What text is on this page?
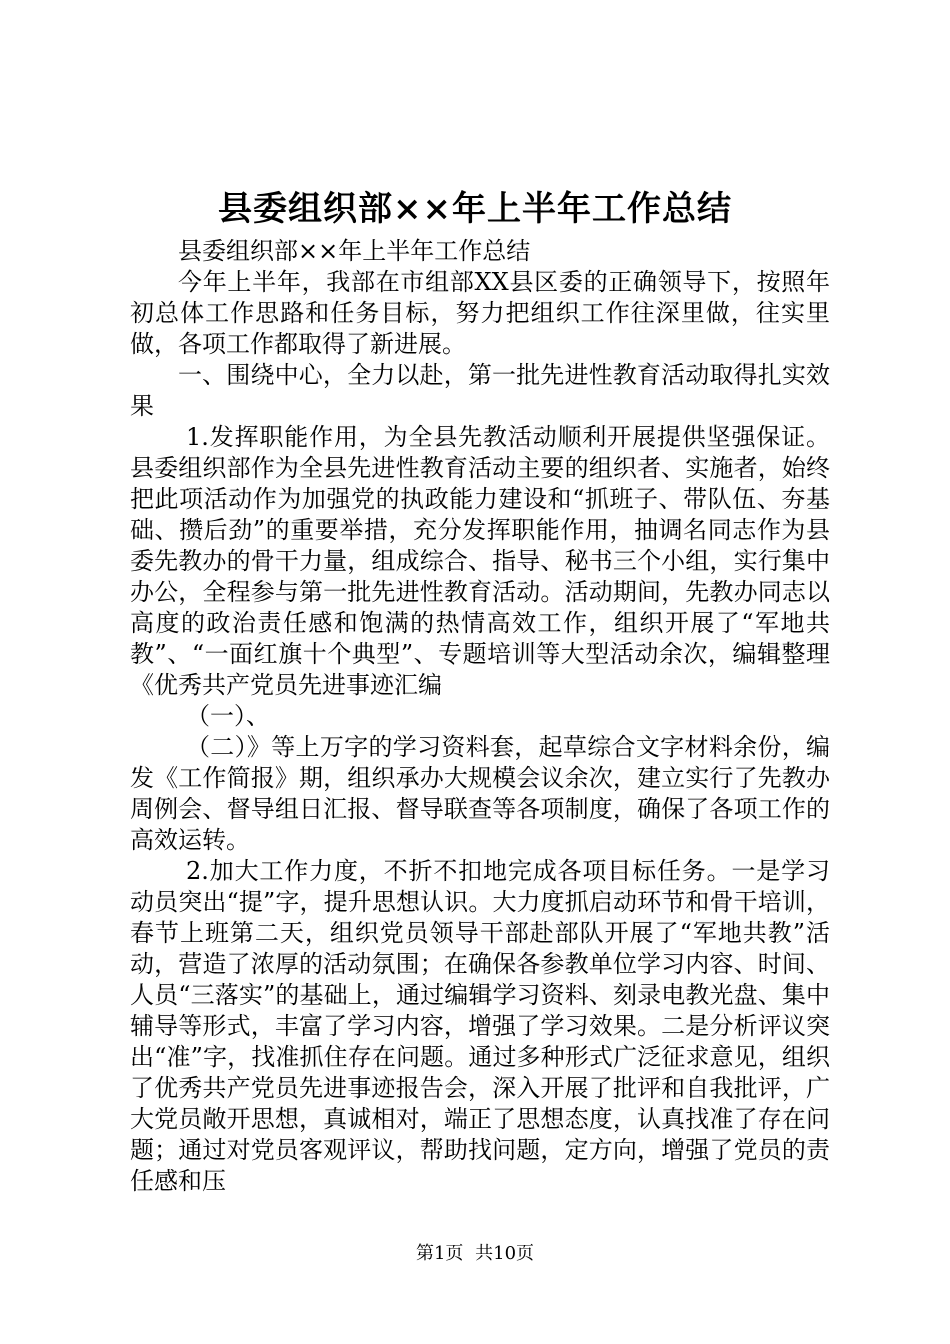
县委组织部××年上半年工作总结

县委组织部××年上半年工作总结

今年上半年，我部在市组部XX县区委的正确领导下，按照年初总体工作思路和任务目标，努力把组织工作往深里做，往实里做，各项工作都取得了新进展。

一、围绕中心，全力以赴，第一批先进性教育活动取得扎实效果

1.发挥职能作用，为全县先教活动顺利开展提供坚强保证。县委组织部作为全县先进性教育活动主要的组织者、实施者，始终把此项活动作为加强党的执政能力建设和“抓班子、带队伍、夯基础、攒后劲”的重要举措，充分发挥职能作用，抽调名同志作为县委先教办的骨干力量，组成综合、指导、秘书三个小组，实行集中办公，全程参与第一批先进性教育活动。活动期间，先教办同志以高度的政治责任感和饱满的热情高效工作，组织开展了“军地共教”、“一面红旗十个典型”、专题培训等大型活动余次，编辑整理《优秀共产党员先进事迹汇编

（一）、

（二）》等上万字的学习资料套，起草综合文字材料余份，编发《工作简报》期，组织承办大规模会议余次，建立实行了先教办周例会、督导组日汇报、督导联查等各项制度，确保了各项工作的高效运转。

2.加大工作力度，不折不扣地完成各项目标任务。一是学习动员突出“提”字，提升思想认识。大力度抓启动环节和骨干培训，春节上班第二天，组织党员领导干部赴部队开展了“军地共教”活动，营造了浓厚的活动氛围；在确保各参教单位学习内容、时间、人员“三落实”的基础上，通过编辑学习资料、刻录电教光盘、集中辅导等形式，丰富了学习内容，增强了学习效果。二是分析评议突出“准”字，找准抓住存在问题。通过多种形式广泛征求意见，组织了优秀共产党员先进事迹报告会，深入开展了批评和自我批评，广大党员敞开思想，真诚相对，端正了思想态度，认真找准了存在问题；通过对党员客观评议，帮助找问题，定方向，增强了党员的责任感和压

第1页 共10页
